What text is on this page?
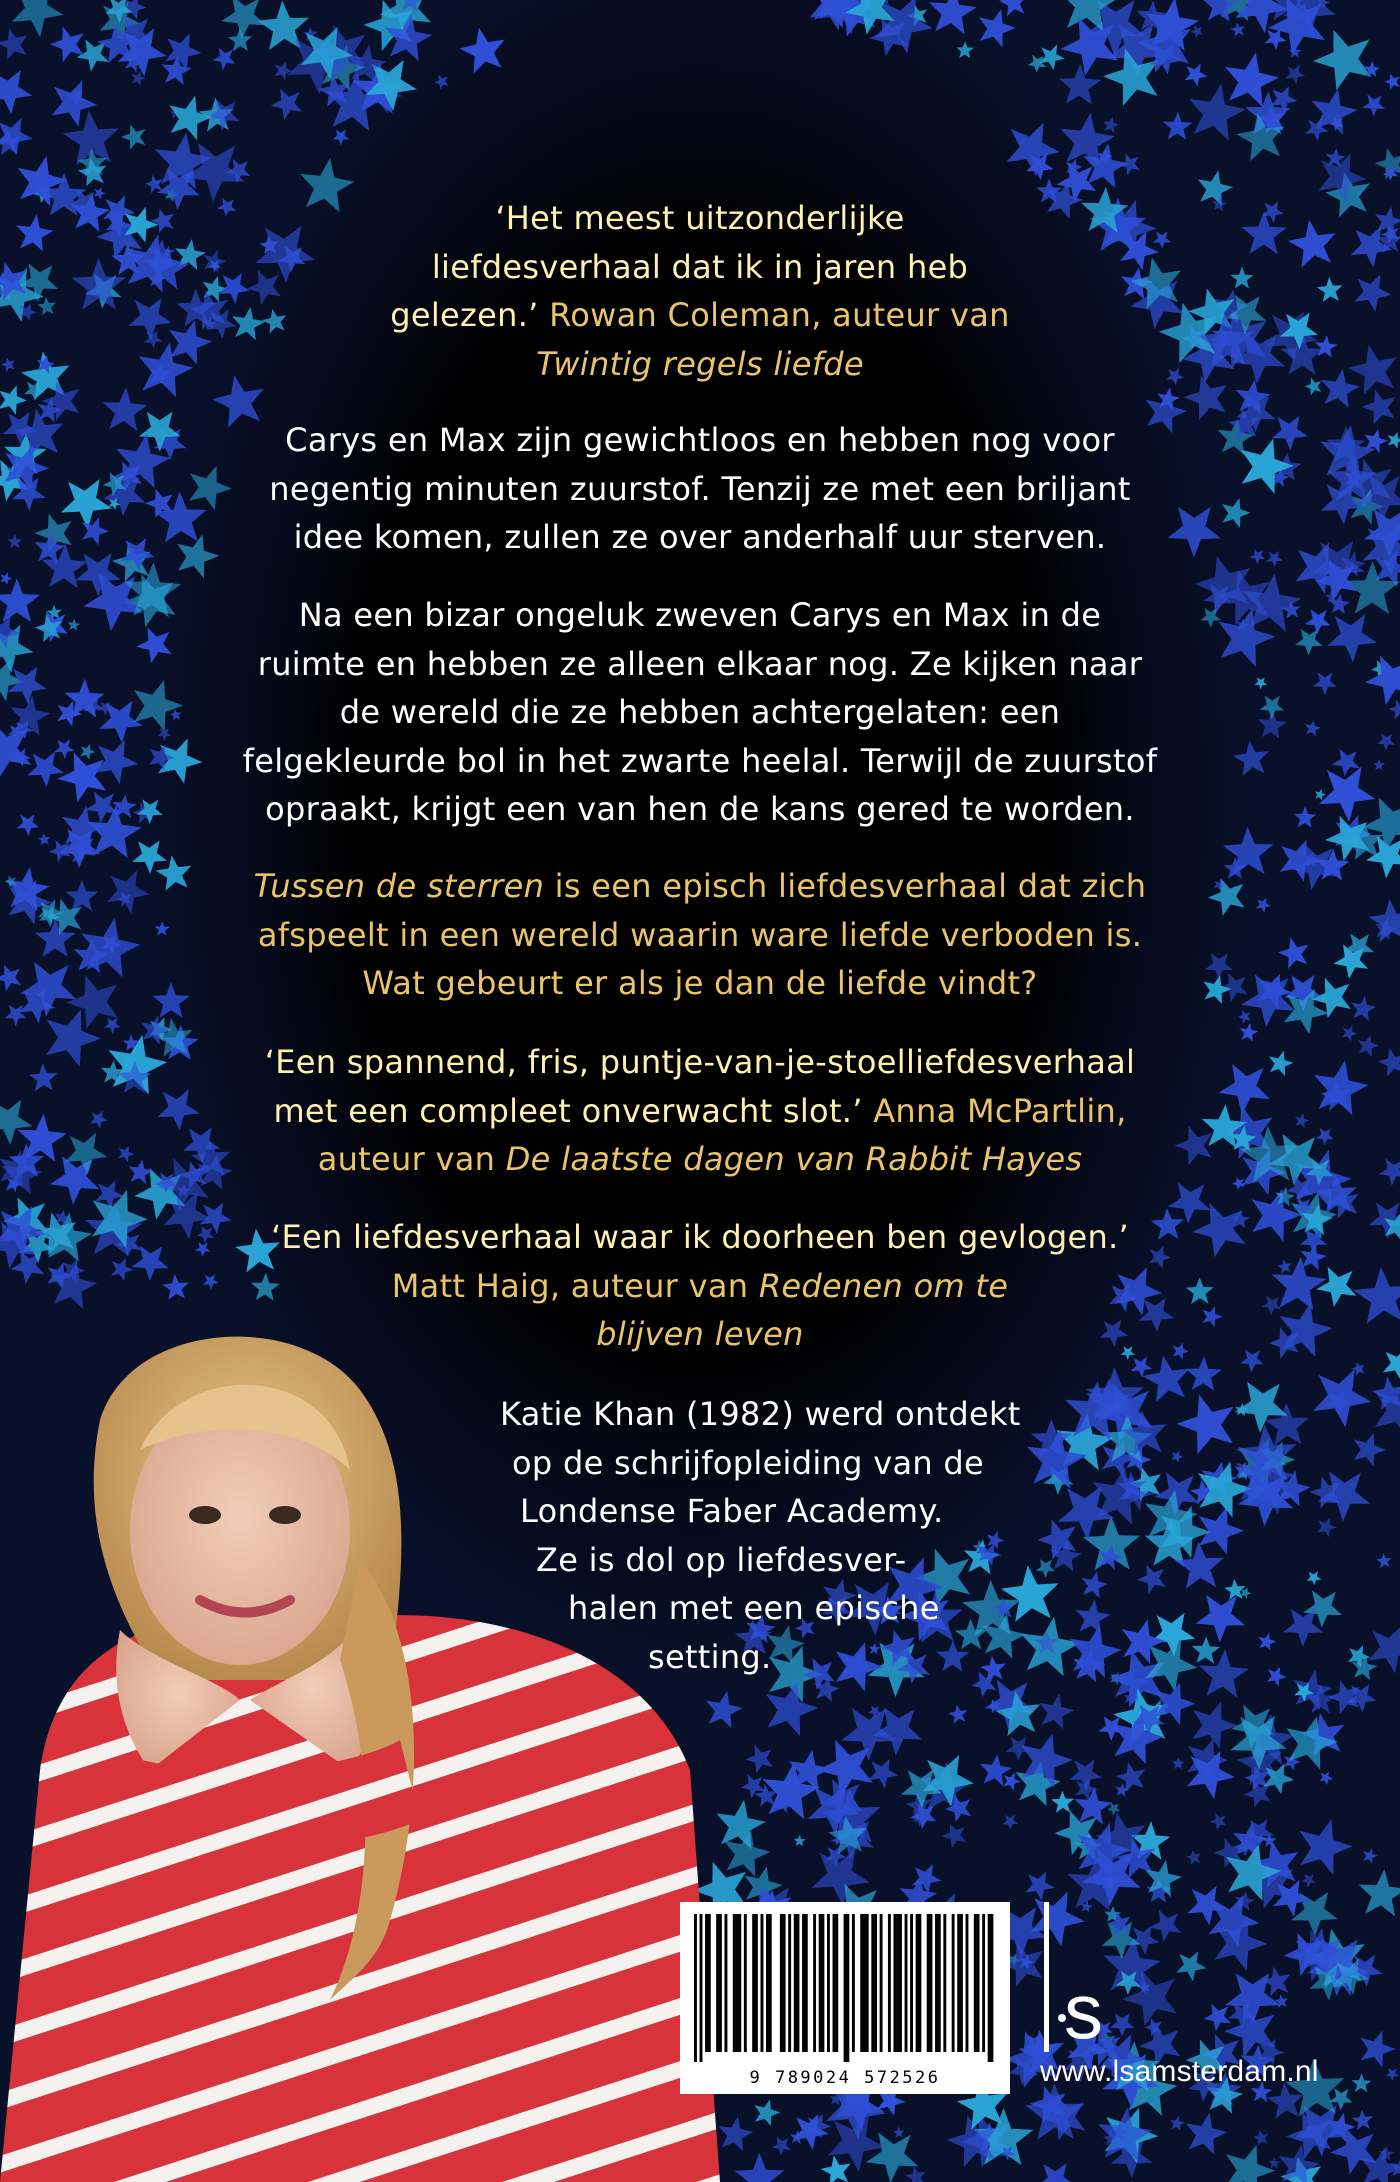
‘Het meest uitzonderlijke
liefdesverhaal dat ik in jaren heb
gelezen.’ Rowan Coleman, auteur van
Twintig regels liefde
Carys en Max zijn gewichtloos en hebben nog voor
negentig minuten zuurstof. Tenzij ze met een briljant
idee komen, zullen ze over anderhalf uur sterven.
Na een bizar ongeluk zweven Carys en Max in de
ruimte en hebben ze alleen elkaar nog. Ze kijken naar
de wereld die ze hebben achtergelaten: een
felgekleurde bol in het zwarte heelal. Terwijl de zuurstof
opraakt, krijgt een van hen de kans gered te worden.
Tussen de sterren is een episch liefdesverhaal dat zich
afspeelt in een wereld waarin ware liefde verboden is.
Wat gebeurt er als je dan de liefde vindt?
‘Een spannend, fris, puntje-van-je-stoelliefdesverhaal
met een compleet onverwacht slot.’ Anna McPartlin,
auteur van De laatste dagen van Rabbit Hayes
‘Een liefdesverhaal waar ik doorheen ben gevlogen.’
Matt Haig, auteur van Redenen om te
blijven leven
Katie Khan (1982) werd ontdekt
op de schrijfopleiding van de
Londense Faber Academy.
Ze is dol op liefdesver-
halen met een epische
setting.
9 789024 572526
s
www.lsamsterdam.nl
